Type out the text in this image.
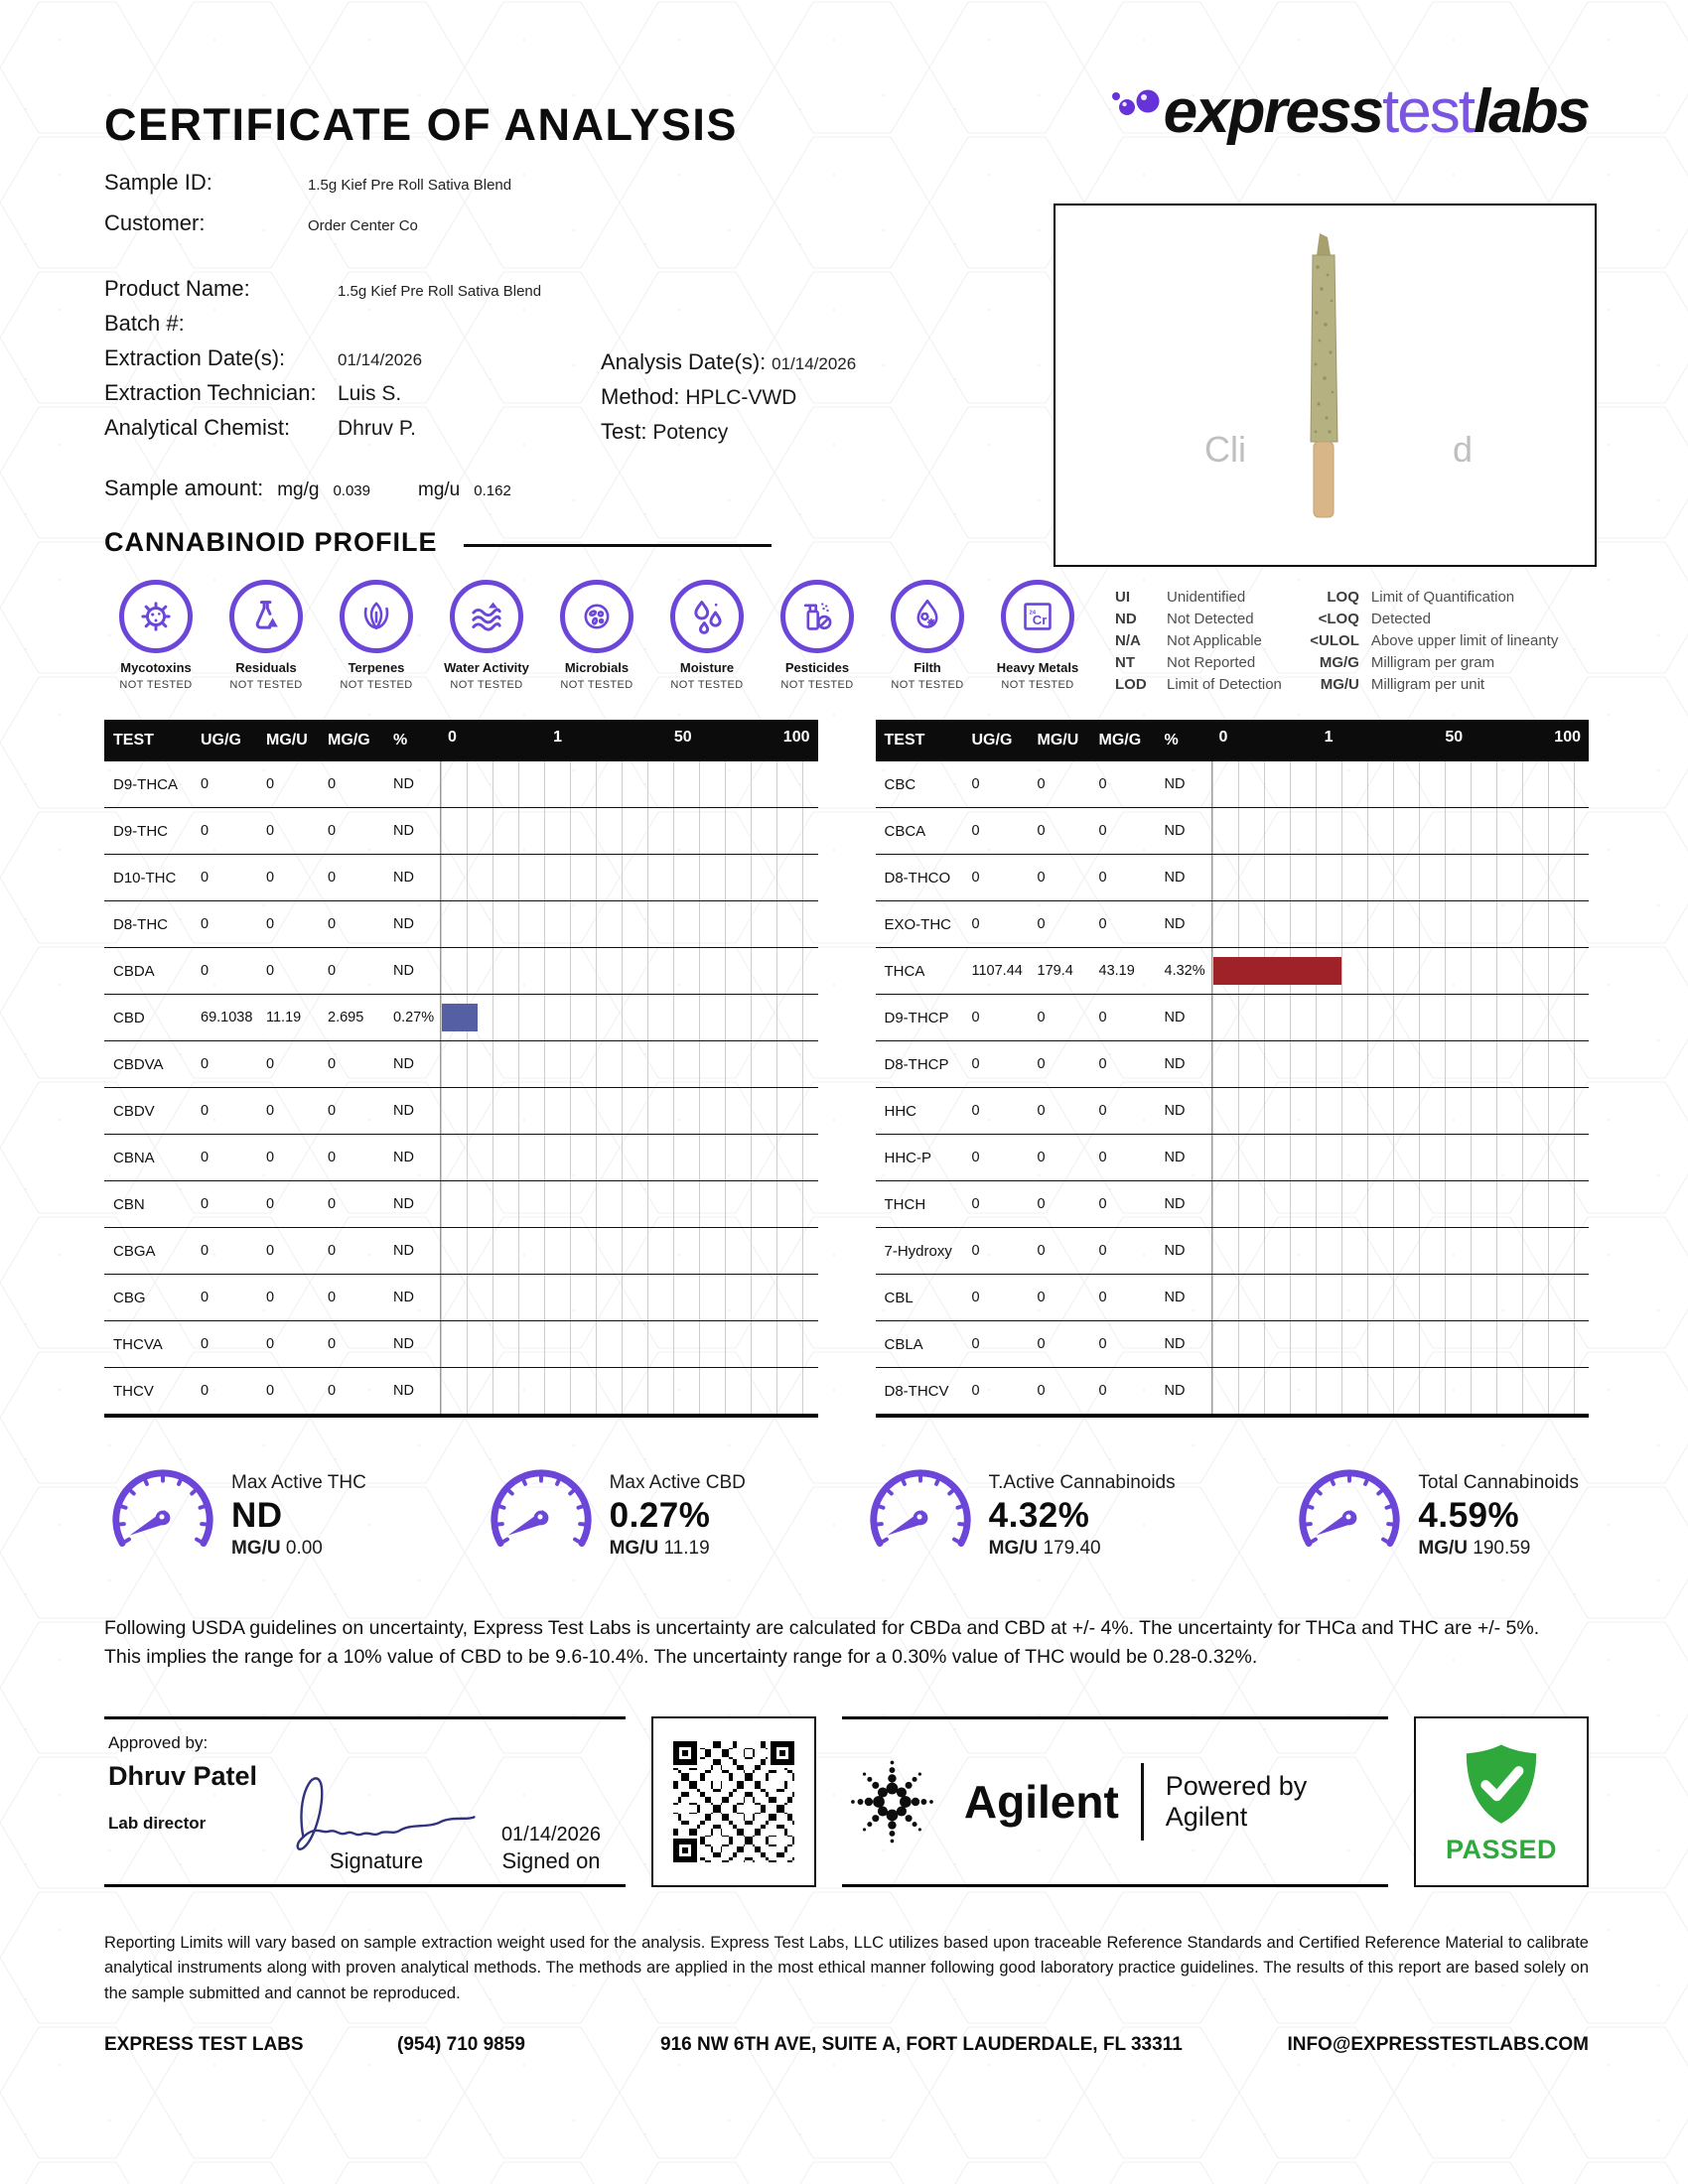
CERTIFICATE OF ANALYSIS	expresstestlabs
Sample ID:	1.5g Kief Pre Roll Sativa Blend
Customer:	Order Center Co
Product Name:	1.5g Kief Pre Roll Sativa Blend
Batch #:
Extraction Date(s):	01/14/2026
Extraction Technician:	Luis S.
Analytical Chemist:	Dhruv P.
Analysis Date(s): 01/14/2026
Method: HPLC-VWD
Test: Potency
Sample amount: mg/g 0.039	mg/u 0.162
Cli	d
CANNABINOID PROFILE
Mycotoxins
NOT TESTED
Residuals
NOT TESTED
Terpenes
NOT TESTED
Water Activity
NOT TESTED
Microbials
NOT TESTED
Moisture
NOT TESTED
Pesticides
NOT TESTED
Filth
NOT TESTED
Cr
24
Heavy Metals
NOT TESTED
UI	Unidentified
ND	Not Detected
N/A	Not Applicable
NT	Not Reported
LOD	Limit of Detection
LOQ Limit of Quantification
<LOQ Detected
<ULOL Above upper limit of lineanty
MG/G Milligram per gram
MG/U Milligram per unit
TEST	UG/G	MG/U	MG/G	%	0	1	50	100
D9-THCA	0	0	0	ND
D9-THC	0	0	0	ND
D10-THC	0	0	0	ND
D8-THC	0	0	0	ND
CBDA	0	0	0	ND
CBD	69.1038 11.19	2.695	0.27%
CBDVA	0	0	0	ND
CBDV	0	0	0	ND
CBNA	0	0	0	ND
CBN	0	0	0	ND
CBGA	0	0	0	ND
CBG	0	0	0	ND
THCVA	0	0	0	ND
THCV	0	0	0	ND
TEST	UG/G	MG/U	MG/G	%	0	1	50	100
CBC	0	0	0	ND
CBCA	0	0	0	ND
D8-THCO	0	0	0	ND
EXO-THC	0	0	0	ND
THCA	1107.44	179.4	43.19	4.32%
D9-THCP	0	0	0	ND
D8-THCP	0	0	0	ND
HHC	0	0	0	ND
HHC-P	0	0	0	ND
THCH	0	0	0	ND
7-Hydroxy	0	0	0	ND
CBL	0	0	0	ND
CBLA	0	0	0	ND
D8-THCV	0	0	0	ND
Max Active THC
ND
MG/U 0.00
Max Active CBD
0.27%
MG/U 11.19
T.Active Cannabinoids
4.32%
MG/U 179.40
Total Cannabinoids
4.59%
MG/U 190.59

Following USDA guidelines on uncertainty, Express Test Labs is uncertainty are calculated for CBDa and CBD at +/- 4%. The uncertainty for THCa and THC are +/- 5%. This implies the range for a 10% value of CBD to be 9.6-10.4%. The uncertainty range for a 0.30% value of THC would be 0.28-0.32%.

Approved by:
Dhruv Patel
Lab director
Signature
01/14/2026
Signed on
Agilent Powered by Agilent
PASSED

Reporting Limits will vary based on sample extraction weight used for the analysis. Express Test Labs, LLC utilizes based upon traceable Reference Standards and Certified Reference Material to calibrate analytical instruments along with proven analytical methods. The methods are applied in the most ethical manner following good laboratory practice guidelines. The results of this report are based solely on the sample submitted and cannot be reproduced.

EXPRESS TEST LABS	(954) 710 9859	916 NW 6TH AVE, SUITE A, FORT LAUDERDALE, FL 33311	INFO@EXPRESSTESTLABS.COM
